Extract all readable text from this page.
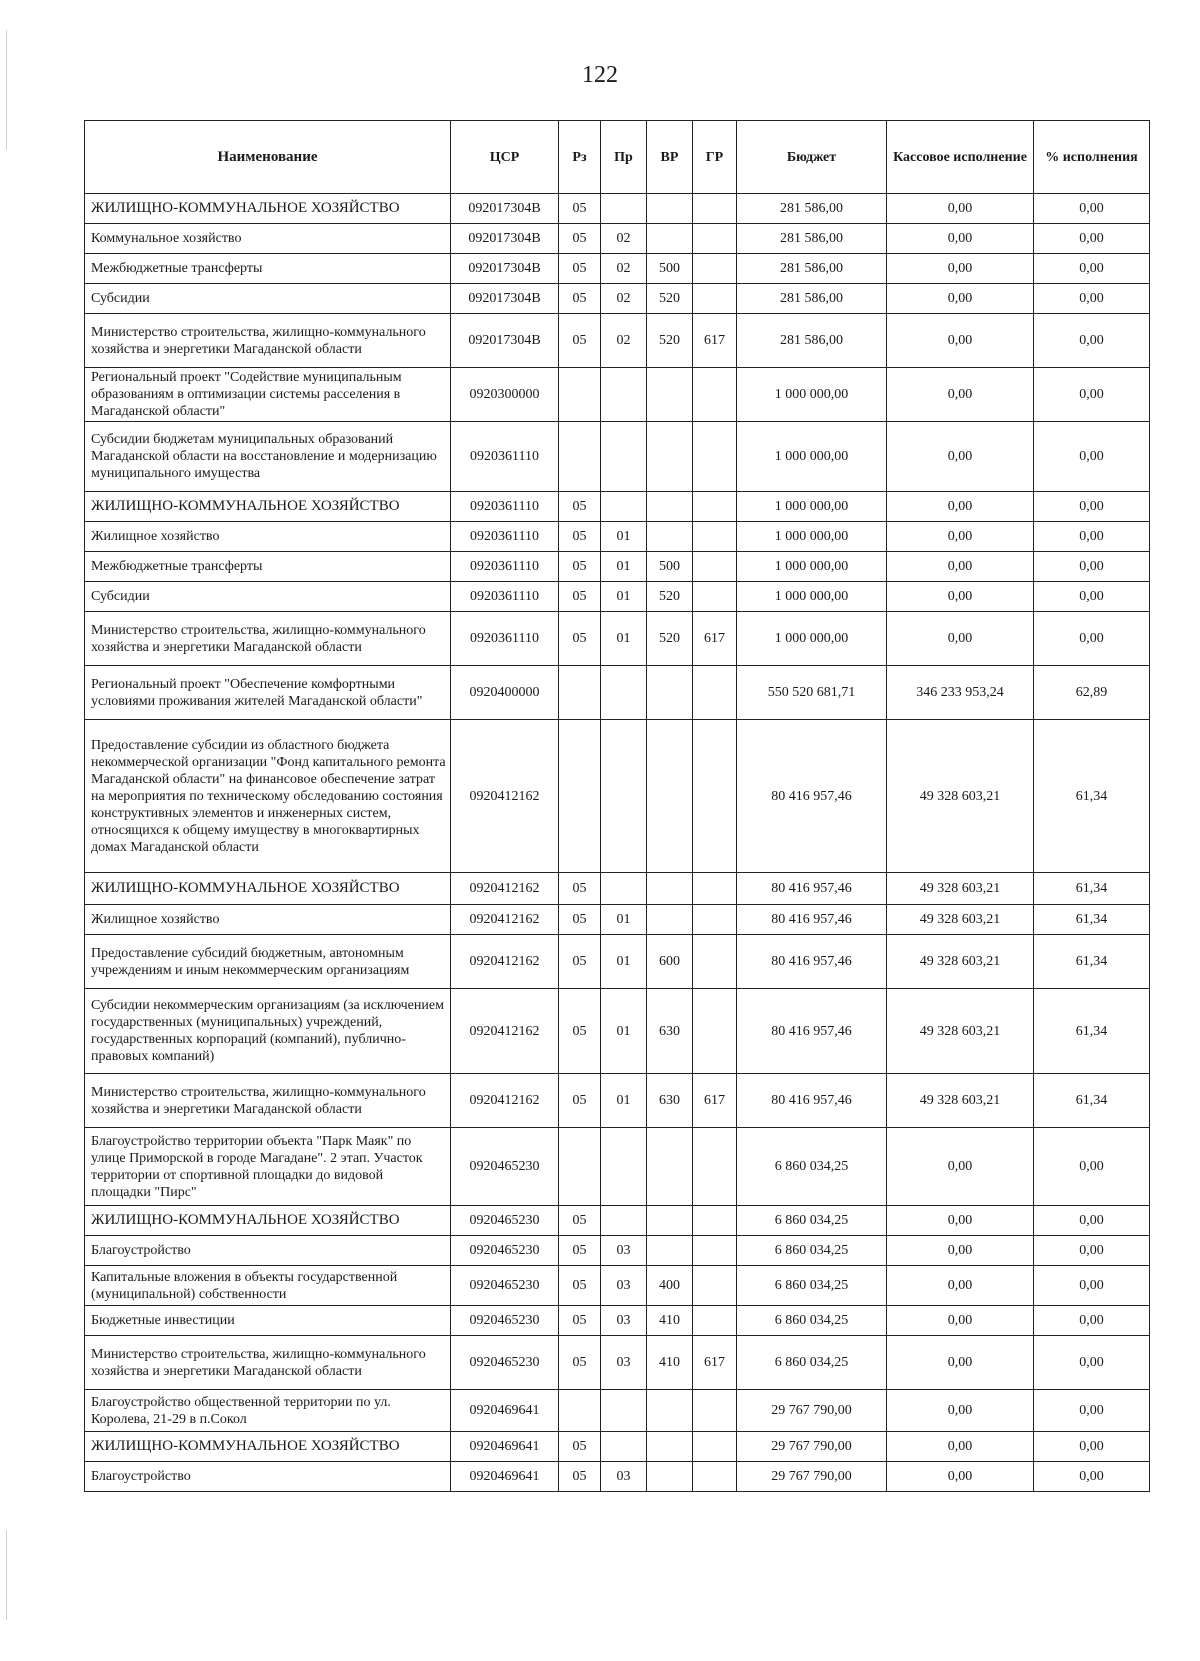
122
Наименование	ЦСР	Рз	Пр	ВР	ГР	Бюджет	Кассовое исполнение	% исполнения
ЖИЛИЩНО-КОММУНАЛЬНОЕ ХОЗЯЙСТВО	092017304В	05				281 586,00	0,00	0,00
Коммунальное хозяйство	092017304В	05	02			281 586,00	0,00	0,00
Межбюджетные трансферты	092017304В	05	02	500		281 586,00	0,00	0,00
Субсидии	092017304В	05	02	520		281 586,00	0,00	0,00
Министерство строительства, жилищно-коммунального хозяйства и энергетики Магаданской области	092017304В	05	02	520	617	281 586,00	0,00	0,00
Региональный проект "Содействие муниципальным образованиям в оптимизации системы расселения в Магаданской области"	0920300000					1 000 000,00	0,00	0,00
Субсидии бюджетам муниципальных образований Магаданской области на восстановление и модернизацию муниципального имущества	0920361110					1 000 000,00	0,00	0,00
ЖИЛИЩНО-КОММУНАЛЬНОЕ ХОЗЯЙСТВО	0920361110	05				1 000 000,00	0,00	0,00
Жилищное хозяйство	0920361110	05	01			1 000 000,00	0,00	0,00
Межбюджетные трансферты	0920361110	05	01	500		1 000 000,00	0,00	0,00
Субсидии	0920361110	05	01	520		1 000 000,00	0,00	0,00
Министерство строительства, жилищно-коммунального хозяйства и энергетики Магаданской области	0920361110	05	01	520	617	1 000 000,00	0,00	0,00
Региональный проект "Обеспечение комфортными условиями проживания жителей Магаданской области"	0920400000					550 520 681,71	346 233 953,24	62,89
Предоставление субсидии из областного бюджета некоммерческой организации "Фонд капитального ремонта Магаданской области" на финансовое обеспечение затрат на мероприятия по техническому обследованию состояния конструктивных элементов и инженерных систем, относящихся к общему имуществу в многоквартирных домах Магаданской области	0920412162					80 416 957,46	49 328 603,21	61,34
ЖИЛИЩНО-КОММУНАЛЬНОЕ ХОЗЯЙСТВО	0920412162	05				80 416 957,46	49 328 603,21	61,34
Жилищное хозяйство	0920412162	05	01			80 416 957,46	49 328 603,21	61,34
Предоставление субсидий бюджетным, автономным учреждениям и иным некоммерческим организациям	0920412162	05	01	600		80 416 957,46	49 328 603,21	61,34
Субсидии некоммерческим организациям (за исключением государственных (муниципальных) учреждений, государственных корпораций (компаний), публично-правовых компаний)	0920412162	05	01	630		80 416 957,46	49 328 603,21	61,34
Министерство строительства, жилищно-коммунального хозяйства и энергетики Магаданской области	0920412162	05	01	630	617	80 416 957,46	49 328 603,21	61,34
Благоустройство территории объекта "Парк Маяк" по улице Приморской в городе Магадане". 2 этап. Участок территории от спортивной площадки до видовой площадки "Пирс"	0920465230					6 860 034,25	0,00	0,00
ЖИЛИЩНО-КОММУНАЛЬНОЕ ХОЗЯЙСТВО	0920465230	05				6 860 034,25	0,00	0,00
Благоустройство	0920465230	05	03			6 860 034,25	0,00	0,00
Капитальные вложения в объекты государственной (муниципальной) собственности	0920465230	05	03	400		6 860 034,25	0,00	0,00
Бюджетные инвестиции	0920465230	05	03	410		6 860 034,25	0,00	0,00
Министерство строительства, жилищно-коммунального хозяйства и энергетики Магаданской области	0920465230	05	03	410	617	6 860 034,25	0,00	0,00
Благоустройство общественной территории по ул. Королева, 21-29 в п.Сокол	0920469641					29 767 790,00	0,00	0,00
ЖИЛИЩНО-КОММУНАЛЬНОЕ ХОЗЯЙСТВО	0920469641	05				29 767 790,00	0,00	0,00
Благоустройство	0920469641	05	03			29 767 790,00	0,00	0,00
